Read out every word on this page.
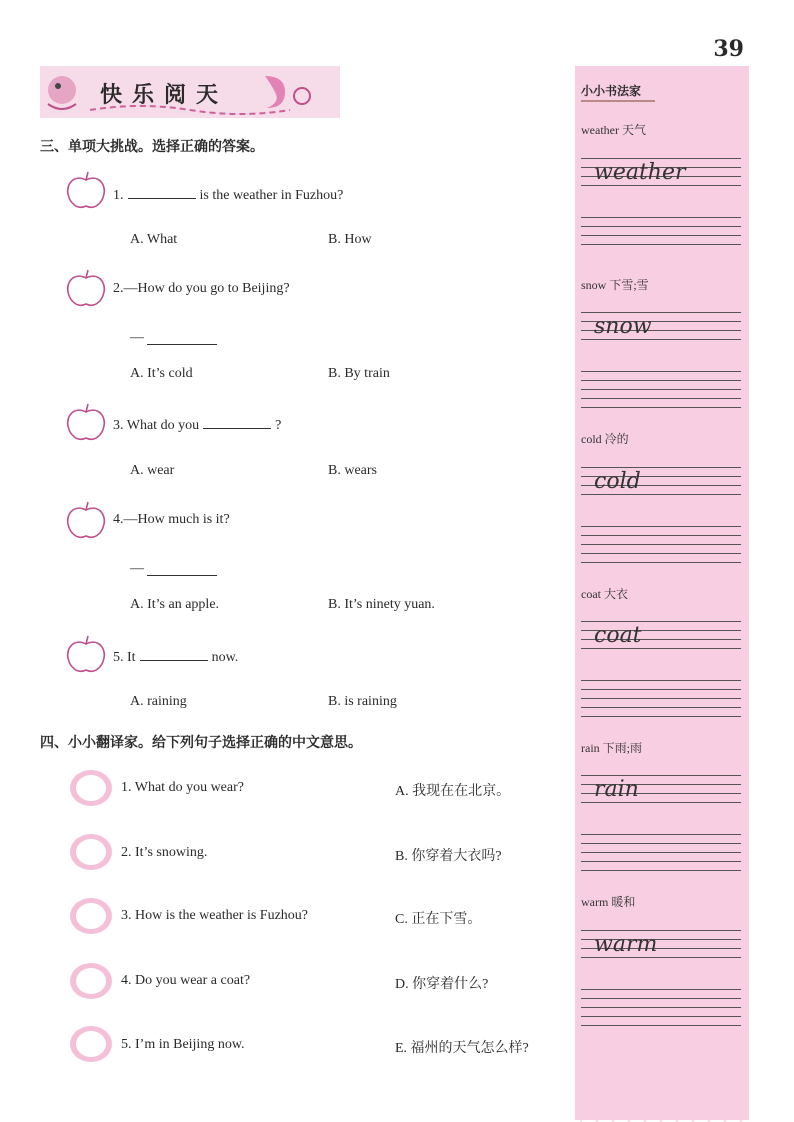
39
快乐阅天
三、单项大挑战。选择正确的答案。
1.	is the weather in Fuzhou?
A. What	B. How
2.—How do you go to Beijing?
—
A. It’s cold	B. By train
3. What do you	?
A. wear	B. wears
4.—How much is it?
—
A. It’s an apple.	B. It’s ninety yuan.
5. It	now.
A. raining	B. is raining
四、小小翻译家。给下列句子选择正确的中文意思。
1. What do you wear?	A. 我现在在北京。
2. It’s snowing.	B. 你穿着大衣吗?
3. How is the weather is Fuzhou?	C. 正在下雪。
4. Do you wear a coat?	D. 你穿着什么?
5. I’m in Beijing now.	E. 福州的天气怎么样?
小小书法家
weather 天气
weather
snow 下雪;雪
snow
cold 冷的
cold
coat 大衣
coat
rain 下雨;雨
rain
warm 暖和
warm
